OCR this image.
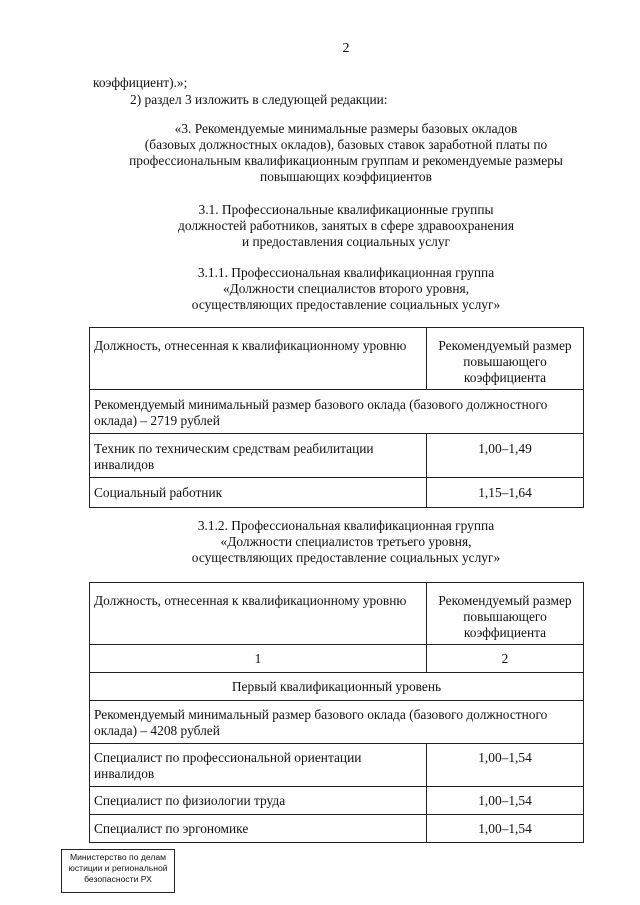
2
коэффициент).»;
2) раздел 3 изложить в следующей редакции:
«3. Рекомендуемые минимальные размеры базовых окладов
(базовых должностных окладов), базовых ставок заработной платы по
профессиональным квалификационным группам и рекомендуемые размеры
повышающих коэффициентов
3.1. Профессиональные квалификационные группы
должностей работников, занятых в сфере здравоохранения
и предоставления социальных услуг
3.1.1. Профессиональная квалификационная группа
«Должности специалистов второго уровня,
осуществляющих предоставление социальных услуг»
Должность, отнесенная к квалификационному уровню	Рекомендуемый размер
повышающего
коэффициента

Рекомендуемый минимальный размер базового оклада (базового должностного
оклада) – 2719 рублей	

Техник по техническим средствам реабилитации
инвалидов	1,00–1,49
Социальный работник	1,15–1,64
3.1.2. Профессиональная квалификационная группа
«Должности специалистов третьего уровня,
осуществляющих предоставление социальных услуг»
Должность, отнесенная к квалификационному уровню	Рекомендуемый размер
повышающего
коэффициента

1	2
Первый квалификационный уровень	

Рекомендуемый минимальный размер базового оклада (базового должностного
оклада) – 4208 рублей	

Специалист по профессиональной ориентации
инвалидов	1,00–1,54
Специалист по физиологии труда	1,00–1,54
Специалист по эргономике	1,00–1,54
Министерство по делам
юстиции и региональной
безопасности РХ
